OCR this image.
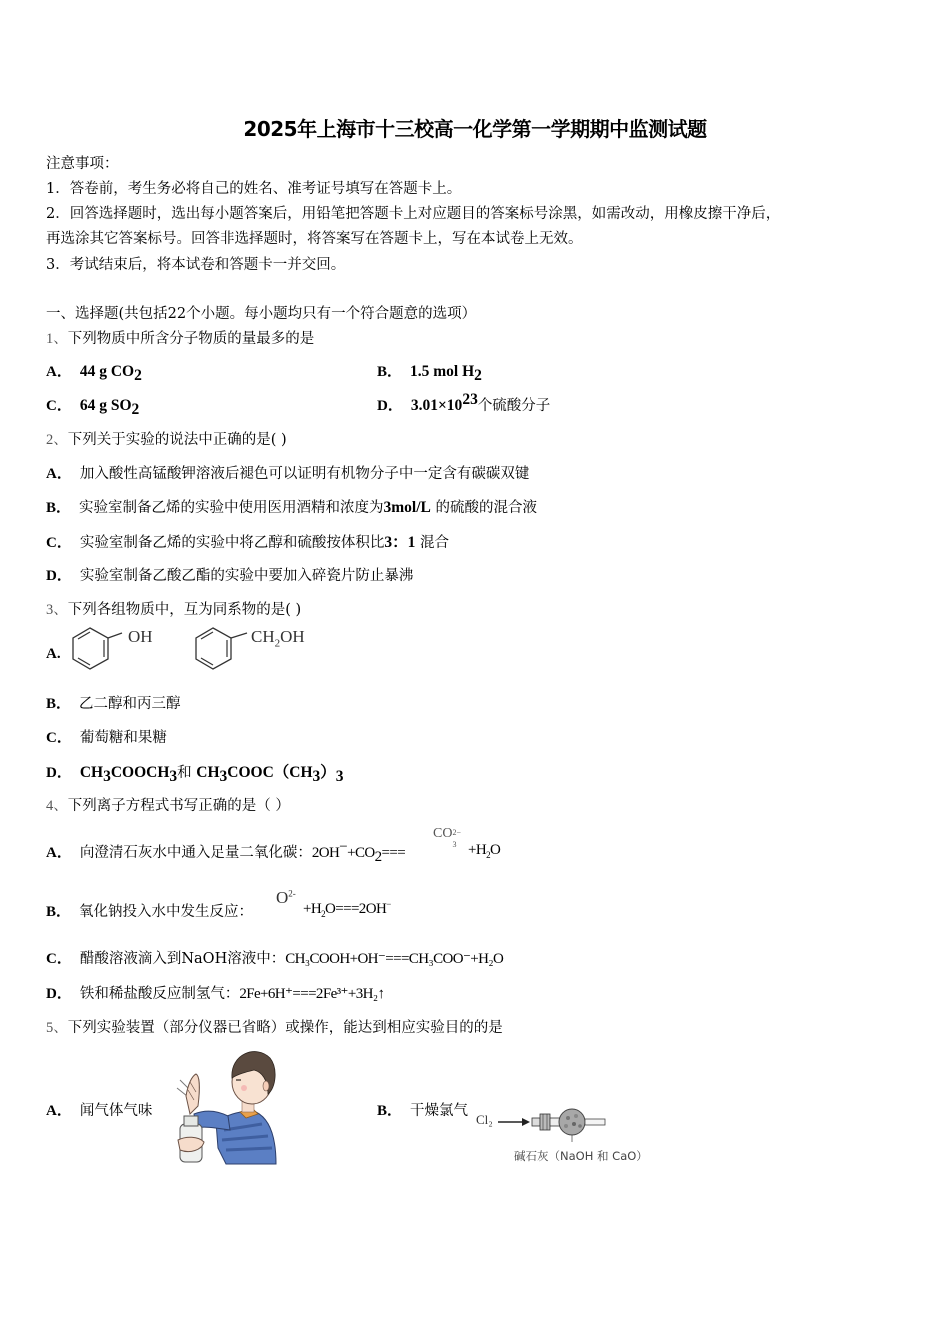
2025年上海市十三校高一化学第一学期期中监测试题
注意事项：
1．答卷前，考生务必将自己的姓名、准考证号填写在答题卡上。
2．回答选择题时，选出每小题答案后，用铅笔把答题卡上对应题目的答案标号涂黑，如需改动，用橡皮擦干净后，
再选涂其它答案标号。回答非选择题时，将答案写在答题卡上，写在本试卷上无效。
3．考试结束后，将本试卷和答题卡一并交回。
一、选择题(共包括22个小题。每小题均只有一个符合题意的选项）
1、下列物质中所含分子物质的量最多的是
A． 44 g $CO_2$	B． 1.5 mol $H_2$
C． 64 g $SO_2$	D． $3.01\times 10^{23}$个硫酸分子
2、下列关于实验的说法中正确的是( )
A． 加入酸性高锰酸钾溶液后褪色可以证明有机物分子中一定含有碳碳双键
B． 实验室制备乙烯的实验中使用医用酒精和浓度为3mol/L 的硫酸的混合液
C． 实验室制备乙烯的实验中将乙醇和硫酸按体积比3：1 混合
D． 实验室制备乙酸乙酯的实验中要加入碎瓷片防止暴沸
3、下列各组物质中，互为同系物的是( )
A.
OH	$CH_2OH$
B． 乙二醇和丙三醇
C． 葡萄糖和果糖
D． $CH_3COOCH_3$和 $CH_3COOC(CH_3)_3$
4、下列离子方程式书写正确的是（ ）
A． 向澄清石灰水中通入足量二氧化碳：$2OH^-+CO_2===$
CO 2−
$3 +H_2O$
B． 氧化钠投入水中发生反应：
$O^{2-}$
$+H_2O===2OH^-$
C． 醋酸溶液滴入到NaOH溶液中：CH₃COOH+OH⁻===CH₃COO⁻+H₂O
D． 铁和稀盐酸反应制氢气：2Fe+6H⁺===2Fe³⁺+3H₂↑
5、下列实验装置（部分仪器已省略）或操作，能达到相应实验目的的是
A． 闻气体气味	B． 干燥氯气
Cl₂
碱石灰（NaOH 和 CaO）
